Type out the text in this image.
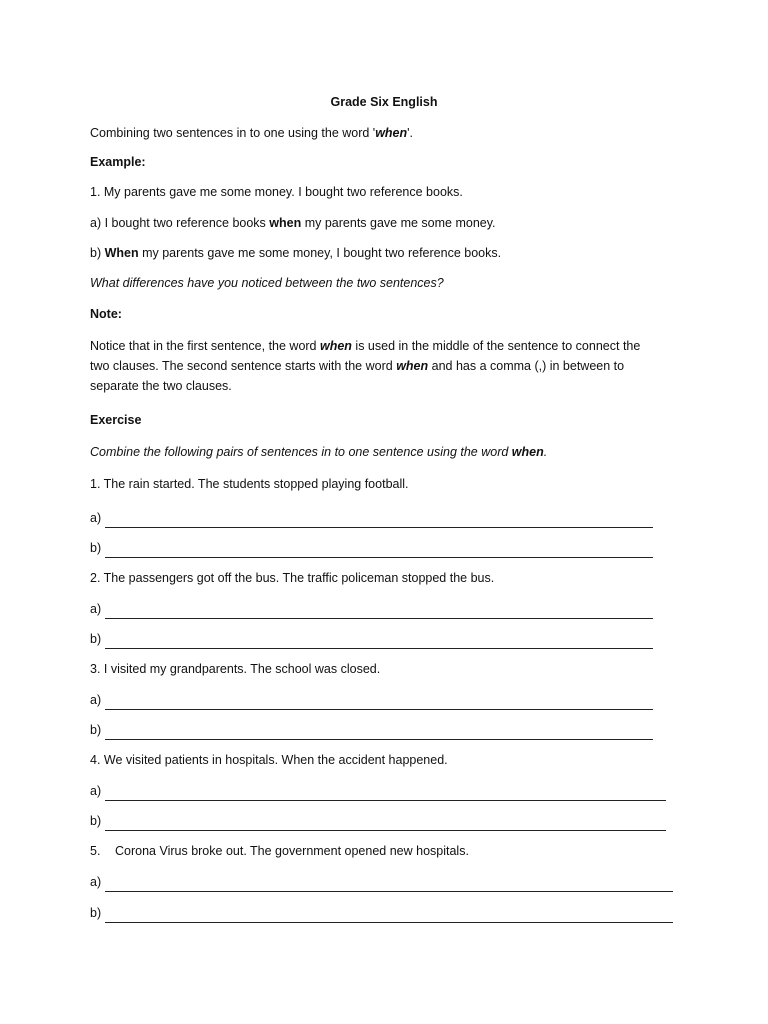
Grade Six English
Combining two sentences in to one using the word 'when'.
Example:
1. My parents gave me some money. I bought two reference books.
a) I bought two reference books when my parents gave me some money.
b) When my parents gave me some money, I bought two reference books.
What differences have you noticed between the two sentences?
Note:
Notice that in the first sentence, the word when is used in the middle of the sentence to connect the two clauses. The second sentence starts with the word when and has a comma (,) in between to separate the two clauses.
Exercise
Combine the following pairs of sentences in to one sentence using the word when.
1. The rain started. The students stopped playing football.
a)
b)
2. The passengers got off the bus. The traffic policeman stopped the bus.
a)
b)
3. I visited my grandparents. The school was closed.
a)
b)
4. We visited patients in hospitals. When the accident happened.
a)
b)
5. Corona Virus broke out. The government opened new hospitals.
a)
b)
